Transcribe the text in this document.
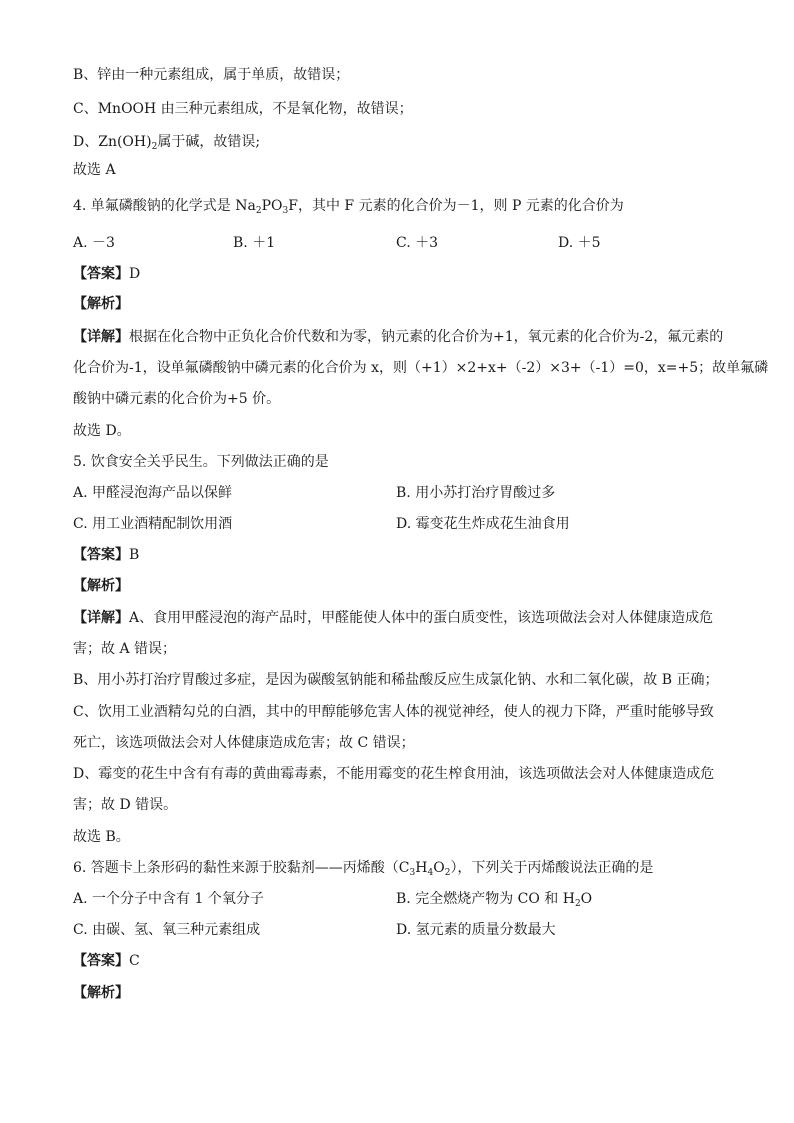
B、锌由一种元素组成，属于单质，故错误；
C、MnOOH 由三种元素组成，不是氧化物，故错误；
D、$Zn(OH)_2$属于碱，故错误;
故选 A
4. 单氟磷酸钠的化学式是 $Na_2PO_3F$，其中 F 元素的化合价为－1，则 P 元素的化合价为
A. －3	B. ＋1	C. ＋3	D. ＋5
【答案】D
【解析】
【详解】根据在化合物中正负化合价代数和为零，钠元素的化合价为+1，氧元素的化合价为-2，氟元素的
化合价为-1，设单氟磷酸钠中磷元素的化合价为 x，则（+1）×2+x+（-2）×3+（-1）=0，x=+5；故单氟磷
酸钠中磷元素的化合价为+5 价。
故选 D。
5. 饮食安全关乎民生。下列做法正确的是
A. 甲醛浸泡海产品以保鲜	B. 用小苏打治疗胃酸过多
C. 用工业酒精配制饮用酒	D. 霉变花生炸成花生油食用
【答案】B
【解析】
【详解】A、食用甲醛浸泡的海产品时，甲醛能使人体中的蛋白质变性，该选项做法会对人体健康造成危
害；故 A 错误；
B、用小苏打治疗胃酸过多症，是因为碳酸氢钠能和稀盐酸反应生成氯化钠、水和二氧化碳，故 B 正确；
C、饮用工业酒精勾兑的白酒，其中的甲醇能够危害人体的视觉神经，使人的视力下降，严重时能够导致
死亡，该选项做法会对人体健康造成危害；故 C 错误；
D、霉变的花生中含有有毒的黄曲霉毒素，不能用霉变的花生榨食用油，该选项做法会对人体健康造成危
害；故 D 错误。
故选 B。
6. 答题卡上条形码的黏性来源于胶黏剂——丙烯酸$(C_3H_4O_2)$，下列关于丙烯酸说法正确的是
A. 一个分子中含有 1 个氧分子	B. 完全燃烧产物为 CO 和 $H_2O$
C. 由碳、氢、氧三种元素组成	D. 氢元素的质量分数最大
【答案】C
【解析】
